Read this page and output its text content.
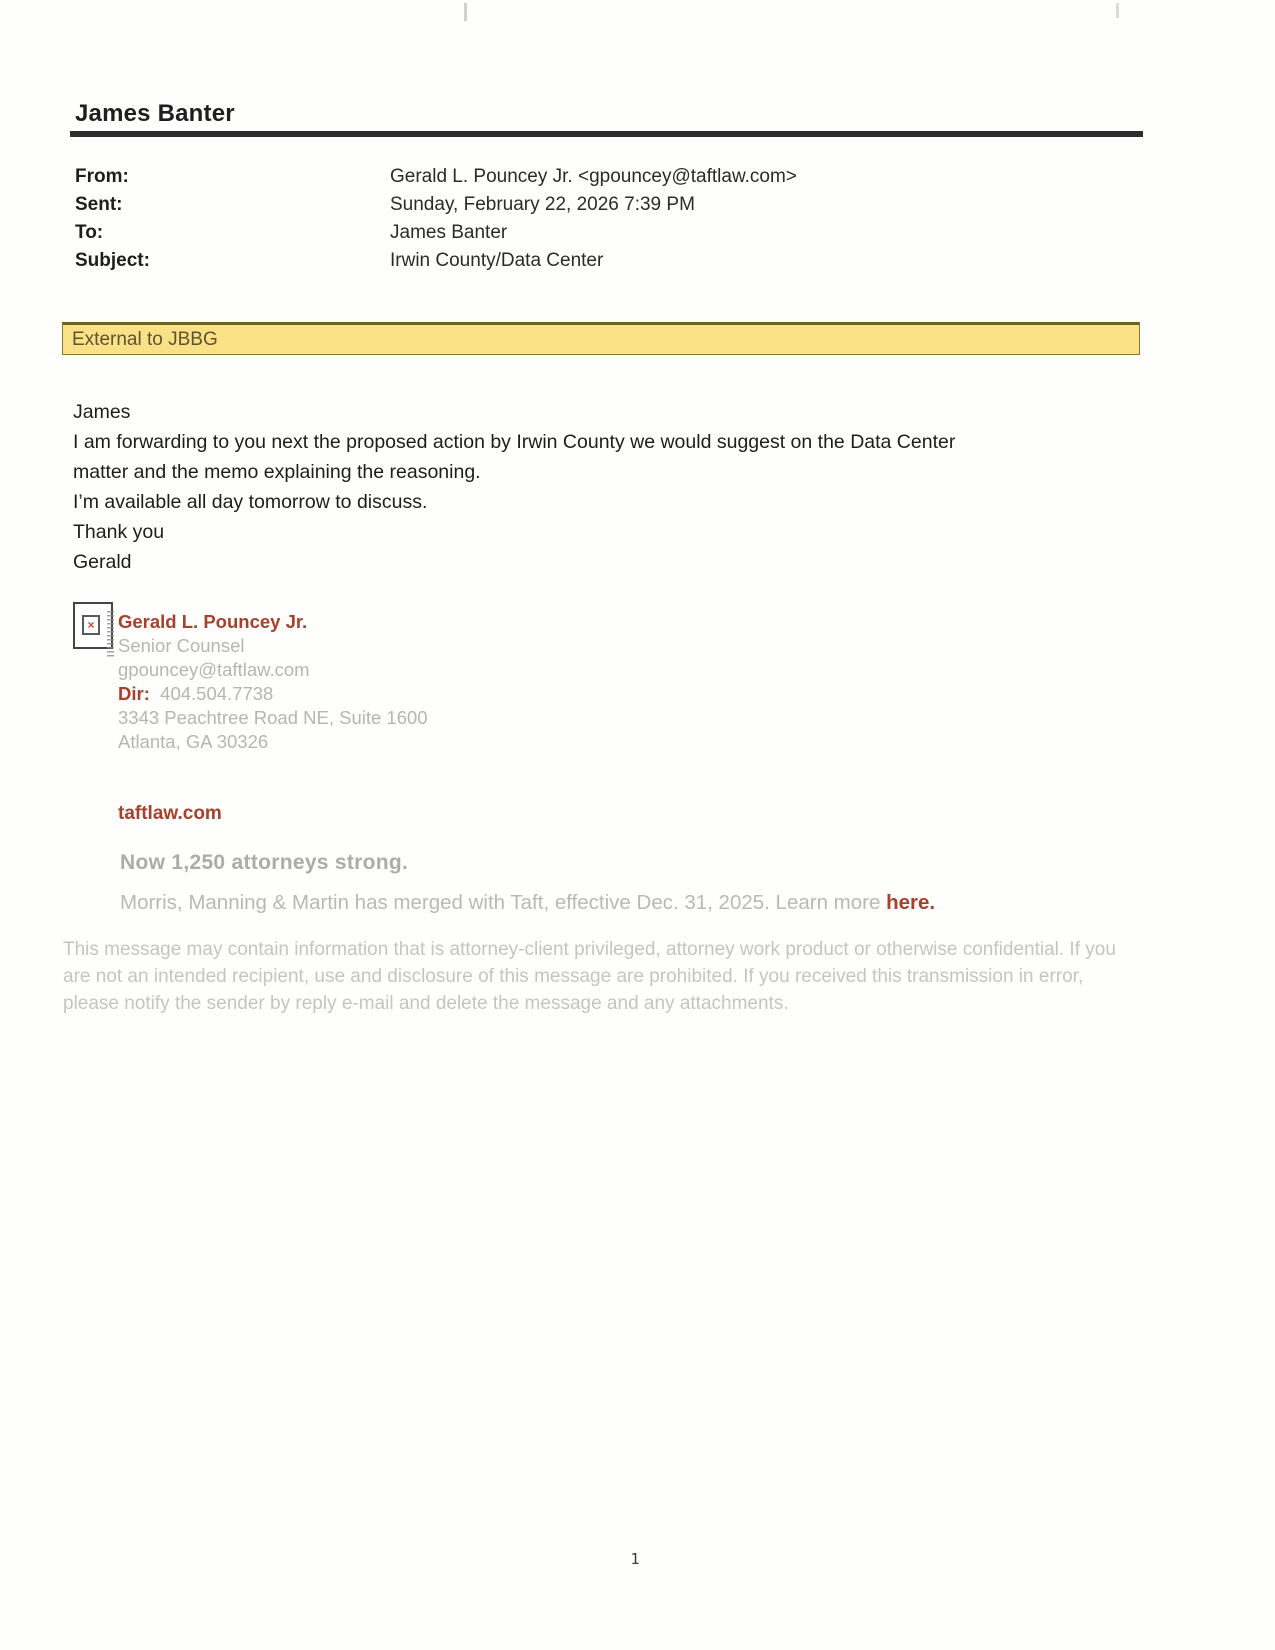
James Banter
From:	Gerald L. Pouncey Jr. <gpouncey@taftlaw.com>
Sent:	Sunday, February 22, 2026 7:39 PM
To:	James Banter
Subject:	Irwin County/Data Center
External to JBBG
James
I am forwarding to you next the proposed action by Irwin County we would suggest on the Data Center
matter and the memo explaining the reasoning.
I’m available all day tomorrow to discuss.
Thank you
Gerald
× Gerald L. Pouncey Jr.
Senior Counsel
gpouncey@taftlaw.com
Dir:  404.504.7738
3343 Peachtree Road NE, Suite 1600
Atlanta, GA 30326
taftlaw.com
Now 1,250 attorneys strong.
Morris, Manning & Martin has merged with Taft, effective Dec. 31, 2025. Learn more here.
This message may contain information that is attorney-client privileged, attorney work product or otherwise confidential. If you
are not an intended recipient, use and disclosure of this message are prohibited. If you received this transmission in error,
please notify the sender by reply e-mail and delete the message and any attachments.
1
